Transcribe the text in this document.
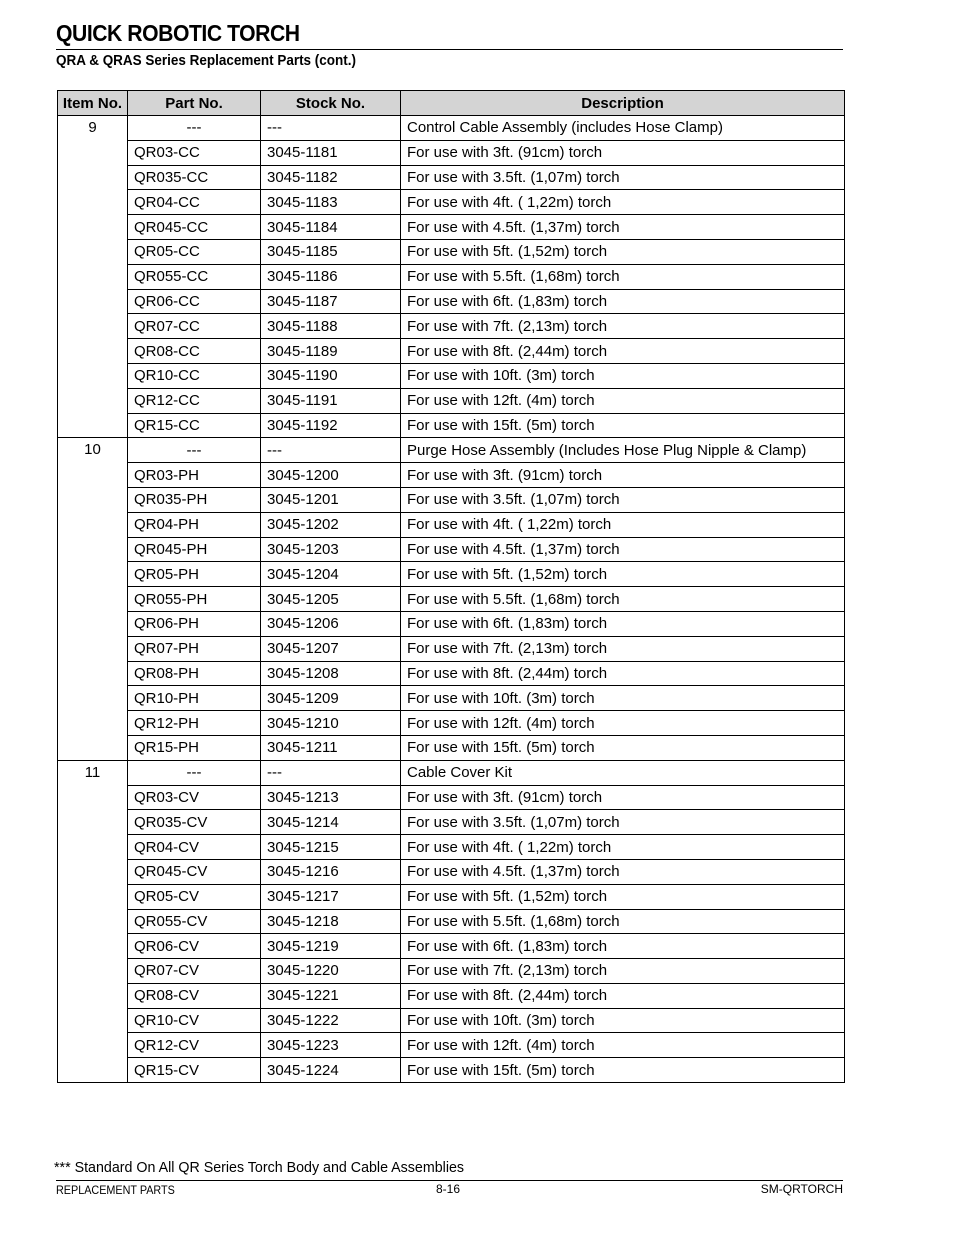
QUICK ROBOTIC TORCH
QRA & QRAS Series Replacement Parts (cont.)
Item No.	Part No.	Stock No.	Description
9	---	---	Control Cable Assembly (includes Hose Clamp)
	QR03-CC	3045-1181	For use with 3ft. (91cm) torch
	QR035-CC	3045-1182	For use with 3.5ft. (1,07m) torch
	QR04-CC	3045-1183	For use with 4ft. ( 1,22m) torch
	QR045-CC	3045-1184	For use with 4.5ft. (1,37m) torch
	QR05-CC	3045-1185	For use with 5ft. (1,52m) torch
	QR055-CC	3045-1186	For use with 5.5ft. (1,68m) torch
	QR06-CC	3045-1187	For use with 6ft. (1,83m) torch
	QR07-CC	3045-1188	For use with 7ft. (2,13m) torch
	QR08-CC	3045-1189	For use with 8ft. (2,44m) torch
	QR10-CC	3045-1190	For use with 10ft. (3m) torch
	QR12-CC	3045-1191	For use with 12ft. (4m) torch
	QR15-CC	3045-1192	For use with 15ft. (5m) torch
10	---	---	Purge Hose Assembly (Includes Hose Plug Nipple & Clamp)
	QR03-PH	3045-1200	For use with 3ft. (91cm) torch
	QR035-PH	3045-1201	For use with 3.5ft. (1,07m) torch
	QR04-PH	3045-1202	For use with 4ft. ( 1,22m) torch
	QR045-PH	3045-1203	For use with 4.5ft. (1,37m) torch
	QR05-PH	3045-1204	For use with 5ft. (1,52m) torch
	QR055-PH	3045-1205	For use with 5.5ft. (1,68m) torch
	QR06-PH	3045-1206	For use with 6ft. (1,83m) torch
	QR07-PH	3045-1207	For use with 7ft. (2,13m) torch
	QR08-PH	3045-1208	For use with 8ft. (2,44m) torch
	QR10-PH	3045-1209	For use with 10ft. (3m) torch
	QR12-PH	3045-1210	For use with 12ft. (4m) torch
	QR15-PH	3045-1211	For use with 15ft. (5m) torch
11	---	---	Cable Cover Kit
	QR03-CV	3045-1213	For use with 3ft. (91cm) torch
	QR035-CV	3045-1214	For use with 3.5ft. (1,07m) torch
	QR04-CV	3045-1215	For use with 4ft. ( 1,22m) torch
	QR045-CV	3045-1216	For use with 4.5ft. (1,37m) torch
	QR05-CV	3045-1217	For use with 5ft. (1,52m) torch
	QR055-CV	3045-1218	For use with 5.5ft. (1,68m) torch
	QR06-CV	3045-1219	For use with 6ft. (1,83m) torch
	QR07-CV	3045-1220	For use with 7ft. (2,13m) torch
	QR08-CV	3045-1221	For use with 8ft. (2,44m) torch
	QR10-CV	3045-1222	For use with 10ft. (3m) torch
	QR12-CV	3045-1223	For use with 12ft. (4m) torch
	QR15-CV	3045-1224	For use with 15ft. (5m) torch
*** Standard On All QR Series Torch Body and Cable Assemblies
REPLACEMENT PARTS	8-16	SM-QRTORCH
